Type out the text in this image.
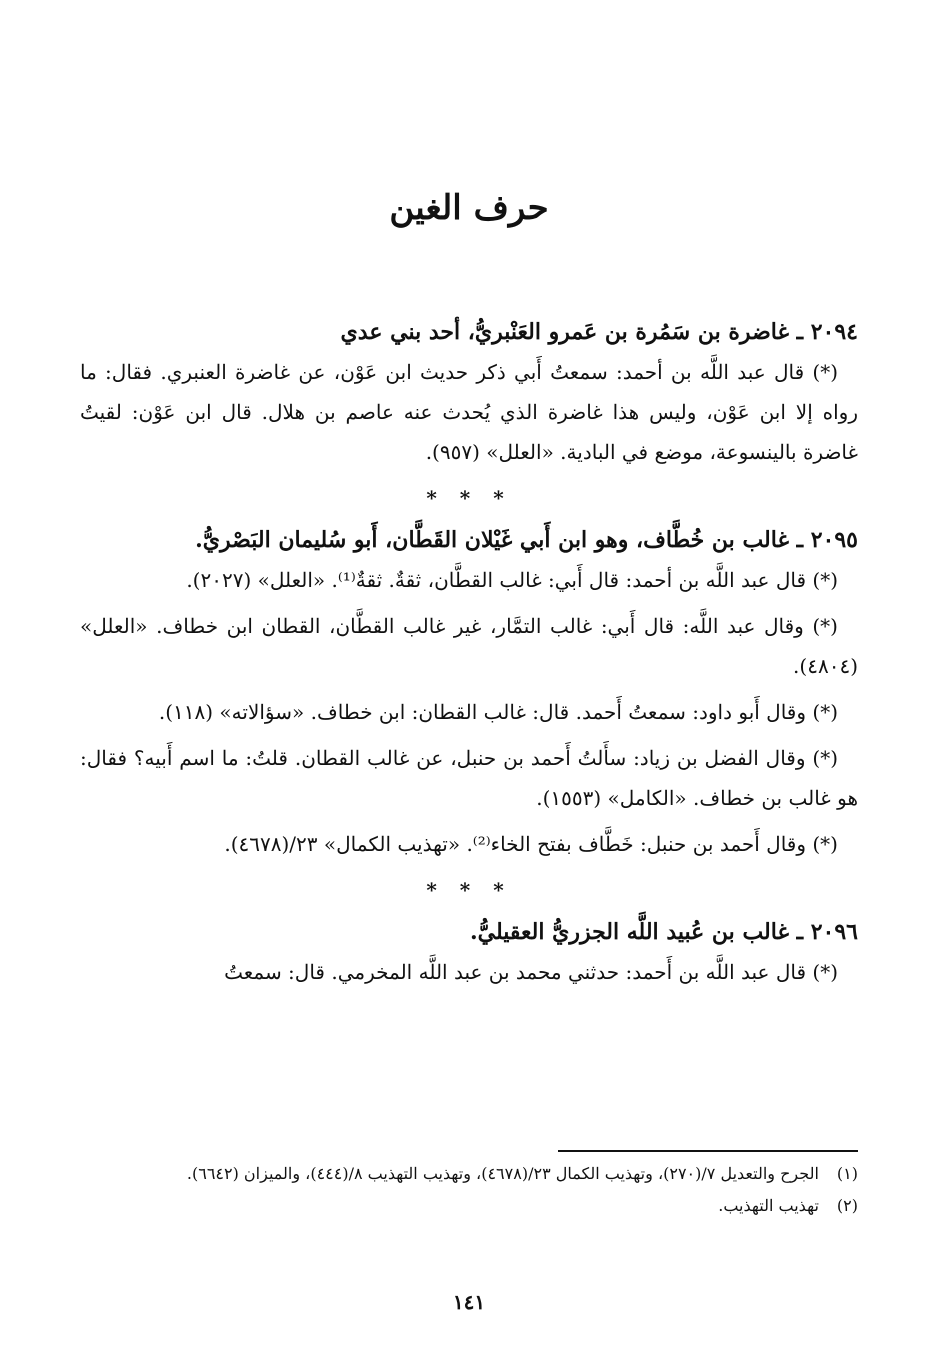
حرف الغين

٢٠٩٤ ـ غاضرة بن سَمُرة بن عَمرو العَنْبريُّ، أحد بني عدي

(*) قال عبد اللَّه بن أحمد: سمعتُ أَبي ذكر حديث ابن عَوْن، عن غاضرة العنبري. فقال: ما رواه إلا ابن عَوْن، وليس هذا غاضرة الذي يُحدث عنه عاصم بن هلال. قال ابن عَوْن: لقيتُ غاضرة بالينسوعة، موضع في البادية. «العلل» (٩٥٧).

* * *

٢٠٩٥ ـ غالب بن خُطَّاف، وهو ابن أَبي غَيْلان القَطَّان، أَبو سُليمان البَصْريُّ.

(*) قال عبد اللَّه بن أحمد: قال أَبي: غالب القطَّان، ثقةٌ. ثقةٌ⁽¹⁾. «العلل» (٢٠٢٧).

(*) وقال عبد اللَّه: قال أَبي: غالب التمَّار، غير غالب القطَّان، القطان ابن خطاف. «العلل» (٤٨٠٤).

(*) وقال أَبو داود: سمعتُ أَحمد. قال: غالب القطان: ابن خطاف. «سؤالاته» (١١٨).

(*) وقال الفضل بن زياد: سأَلتُ أَحمد بن حنبل، عن غالب القطان. قلتُ: ما اسم أَبيه؟ فقال: هو غالب بن خطاف. «الكامل» (١٥٥٣).

(*) وقال أَحمد بن حنبل: خَطَّاف بفتح الخاء⁽²⁾. «تهذيب الكمال» ٢٣/(٤٦٧٨).

* * *

٢٠٩٦ ـ غالب بن عُبيد اللَّه الجزريُّ العقيليُّ.

(*) قال عبد اللَّه بن أَحمد: حدثني محمد بن عبد اللَّه المخرمي. قال: سمعتُ

(١) الجرح والتعديل ٧/(٢٧٠)، وتهذيب الكمال ٢٣/(٤٦٧٨)، وتهذيب التهذيب ٨/(٤٤٤)، والميزان (٦٦٤٢).

(٢) تهذيب التهذيب.

١٤١
